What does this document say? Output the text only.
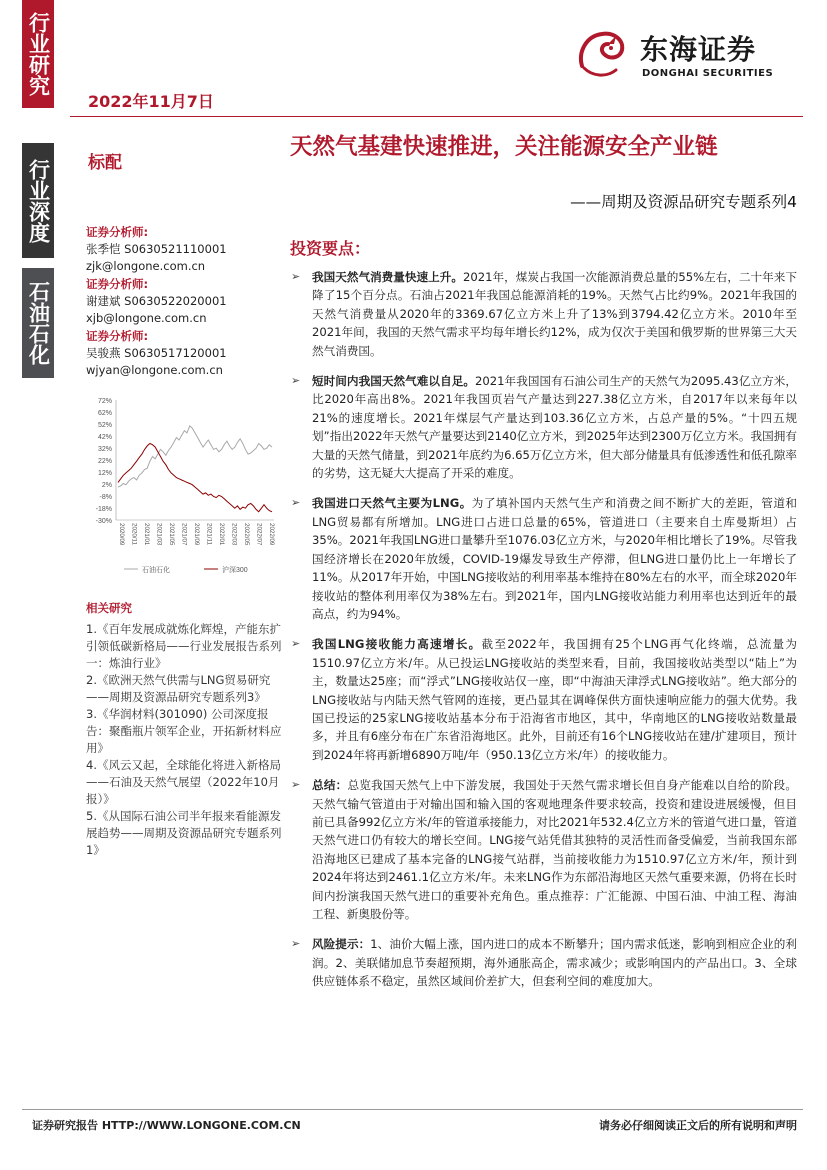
行业研究
行业深度
石油石化
2022年11月7日
东海证券
DONGHAI SECURITIES
标配
证券分析师:
张季恺 S0630521110001
zjk@longone.com.cn
证券分析师:
谢建斌 S0630522020001
xjb@longone.com.cn
证券分析师:
吴骏燕 S0630517120001
wjyan@longone.com.cn
72%
62%
52%
42%
32%
22%
12%
2%
-8%
-18%
-30%
2020/09 2020/11 2021/01 2021/03 2021/05 2021/07 2021/09 2021/11 2022/01 2022/03 2022/05 2022/07 2022/09
石油石化	沪深300
相关研究
1.《百年发展成就炼化辉煌，产能东扩引领低碳新格局——行业发展报告系列一：炼油行业》
2.《欧洲天然气供需与LNG贸易研究——周期及资源品研究专题系列3》
3.《华润材料(301090) 公司深度报告：聚酯瓶片领军企业，开拓新材料应用》
4.《风云又起，全球能化将进入新格局 ——石油及天然气展望（2022年10月报）》
5.《从国际石油公司半年报来看能源发展趋势——周期及资源品研究专题系列1》
天然气基建快速推进，关注能源安全产业链
——周期及资源品研究专题系列4
投资要点：
➢ 我国天然气消费量快速上升。2021年，煤炭占我国一次能源消费总量的55%左右，二十年来下降了15个百分点。石油占2021年我国总能源消耗的19%。天然气占比约9%。2021年我国的天然气消费量从2020年的3369.67亿立方米上升了13%到3794.42亿立方米。2010年至2021年间，我国的天然气需求平均每年增长约12%，成为仅次于美国和俄罗斯的世界第三大天然气消费国。
➢ 短时间内我国天然气难以自足。2021年我国国有石油公司生产的天然气为2095.43亿立方米，比2020年高出8%。2021年我国页岩气产量达到227.38亿立方米，自2017年以来每年以21%的速度增长。2021年煤层气产量达到103.36亿立方米，占总产量的5%。“十四五规划”指出2022年天然气产量要达到2140亿立方米，到2025年达到2300万亿立方米。我国拥有大量的天然气储量，到2021年底约为6.65万亿立方米，但大部分储量具有低渗透性和低孔隙率的劣势，这无疑大大提高了开采的难度。
➢ 我国进口天然气主要为LNG。为了填补国内天然气生产和消费之间不断扩大的差距，管道和LNG贸易都有所增加。LNG进口占进口总量的65%，管道进口（主要来自土库曼斯坦）占35%。2021年我国LNG进口量攀升至1076.03亿立方米，与2020年相比增长了19%。尽管我国经济增长在2020年放缓，COVID-19爆发导致生产停滞，但LNG进口量仍比上一年增长了11%。从2017年开始，中国LNG接收站的利用率基本维持在80%左右的水平，而全球2020年接收站的整体利用率仅为38%左右。到2021年，国内LNG接收站能力利用率也达到近年的最高点，约为94%。
➢ 我国LNG接收能力高速增长。截至2022年，我国拥有25个LNG再气化终端，总流量为1510.97亿立方米/年。从已投运LNG接收站的类型来看，目前，我国接收站类型以“陆上”为主，数量达25座；而“浮式”LNG接收站仅一座，即“中海油天津浮式LNG接收站”。绝大部分的LNG接收站与内陆天然气管网的连接，更凸显其在调峰保供方面快速响应能力的强大优势。我国已投运的25家LNG接收站基本分布于沿海省市地区，其中，华南地区的LNG接收站数量最多，并且有6座分布在广东省沿海地区。此外，目前还有16个LNG接收站在建/扩建项目，预计到2024年将再新增6890万吨/年（950.13亿立方米/年）的接收能力。
➢ 总结：总览我国天然气上中下游发展，我国处于天然气需求增长但自身产能难以自给的阶段。天然气输气管道由于对输出国和输入国的客观地理条件要求较高，投资和建设进展缓慢，但目前已具备992亿立方米/年的管道承接能力，对比2021年532.4亿立方米的管道气进口量，管道天然气进口仍有较大的增长空间。LNG接气站凭借其独特的灵活性而备受偏爱，当前我国东部沿海地区已建成了基本完备的LNG接气站群，当前接收能力为1510.97亿立方米/年，预计到2024年将达到2461.1亿立方米/年。未来LNG作为东部沿海地区天然气重要来源，仍将在长时间内扮演我国天然气进口的重要补充角色。重点推荐：广汇能源、中国石油、中油工程、海油工程、新奥股份等。
➢ 风险提示：1、油价大幅上涨，国内进口的成本不断攀升；国内需求低迷，影响到相应企业的利润。2、美联储加息节奏超预期，海外通胀高企，需求减少；或影响国内的产品出口。3、全球供应链体系不稳定，虽然区域间价差扩大，但套利空间的难度加大。
证券研究报告 HTTP://WWW.LONGONE.COM.CN	请务必仔细阅读正文后的所有说明和声明
